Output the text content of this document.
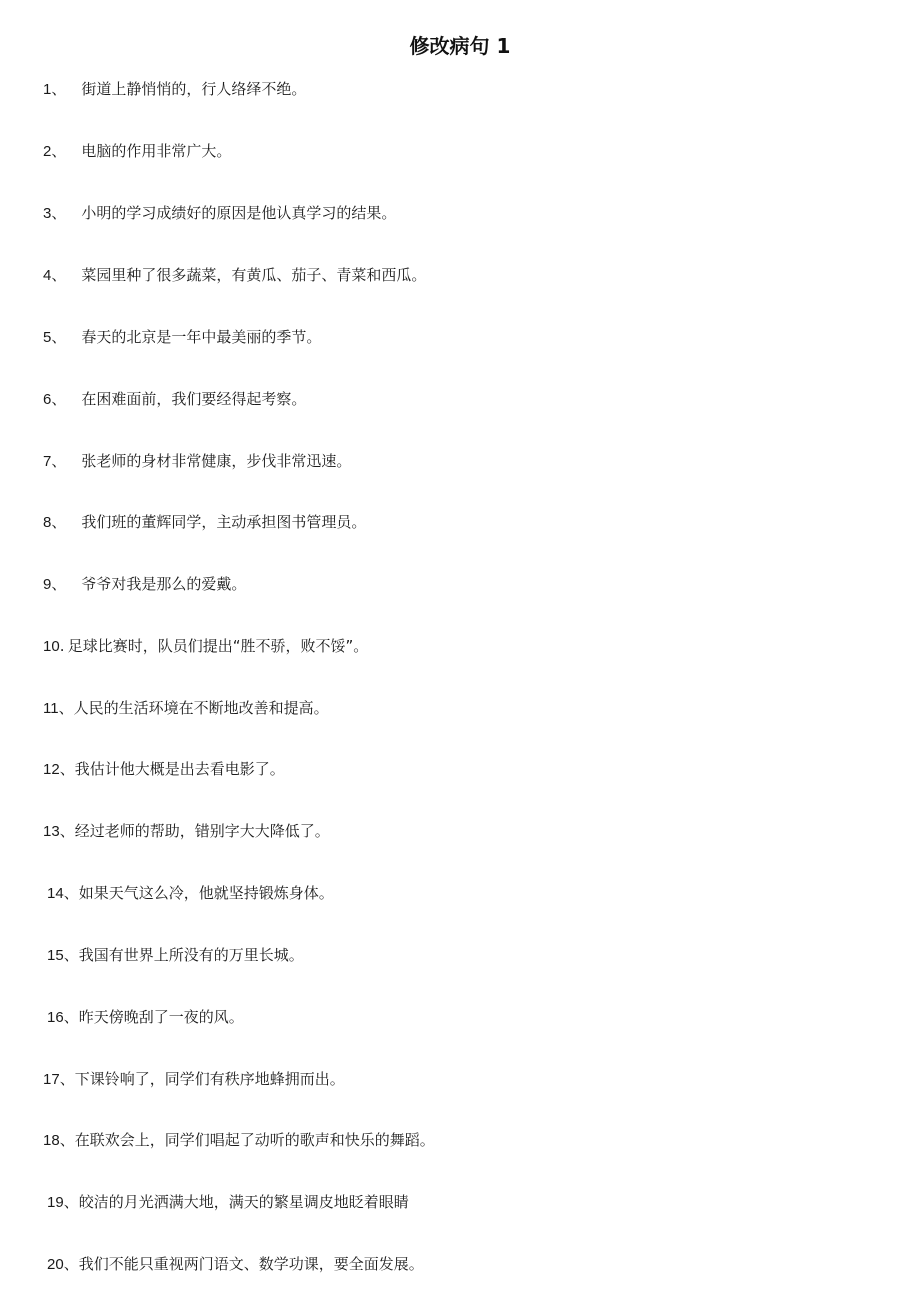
修改病句 1
1、 街道上静悄悄的，行人络绎不绝。
2、 电脑的作用非常广大。
3、 小明的学习成绩好的原因是他认真学习的结果。
4、 菜园里种了很多蔬菜，有黄瓜、茄子、青菜和西瓜。
5、 春天的北京是一年中最美丽的季节。
6、 在困难面前，我们要经得起考察。
7、 张老师的身材非常健康，步伐非常迅速。
8、 我们班的董辉同学，主动承担图书管理员。
9、 爷爷对我是那么的爱戴。
10. 足球比赛时，队员们提出“胜不骄，败不馁”。
11、人民的生活环境在不断地改善和提高。
12、我估计他大概是出去看电影了。
13、经过老师的帮助，错别字大大降低了。
14、如果天气这么冷，他就坚持锻炼身体。
15、我国有世界上所没有的万里长城。
16、昨天傍晚刮了一夜的风。
17、下课铃响了，同学们有秩序地蜂拥而出。
18、在联欢会上，同学们唱起了动听的歌声和快乐的舞蹈。
19、皎洁的月光洒满大地，满天的繁星调皮地眨着眼睛
20、我们不能只重视两门语文、数学功课，要全面发展。
